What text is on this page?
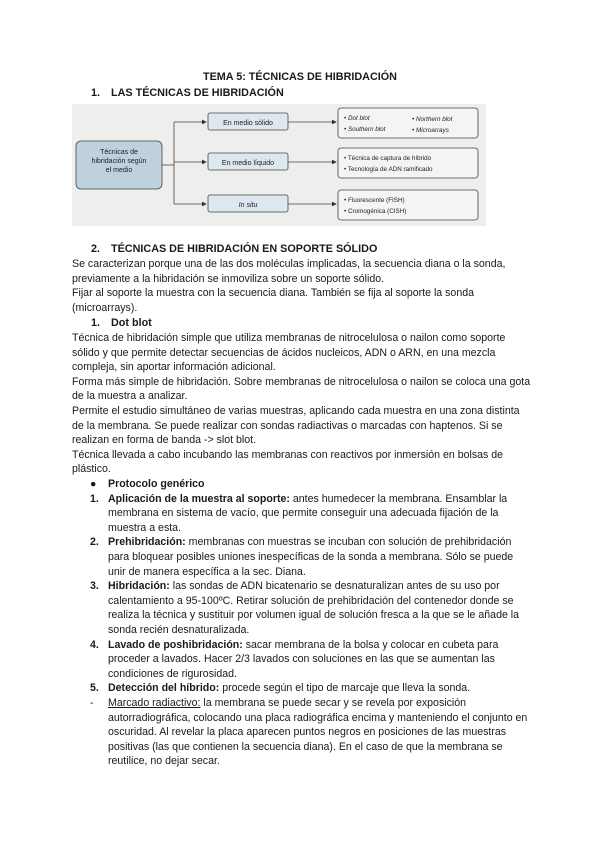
TEMA 5: TÉCNICAS DE HIBRIDACIÓN
1. LAS TÉCNICAS DE HIBRIDACIÓN
Técnicas de
hibridación según
el medio
En medio sólido
En medio líquido
In situ
• Dot blot
• Southern blot
• Northern blot
• Microarrays
• Técnica de captura de híbrido
• Tecnología de ADN ramificado
• Fluorescente (FISH)
• Cromogénica (CISH)
2. TÉCNICAS DE HIBRIDACIÓN EN SOPORTE SÓLIDO

Se caracterizan porque una de las dos moléculas implicadas, la secuencia diana o la sonda, previamente a la hibridación se inmoviliza sobre un soporte sólido.

Fijar al soporte la muestra con la secuencia diana. También se fija al soporte la sonda (microarrays).

1. Dot blot

Técnica de hibridación simple que utiliza membranas de nitrocelulosa o nailon como soporte sólido y que permite detectar secuencias de ácidos nucleicos, ADN o ARN, en una mezcla compleja, sin aportar información adicional.

Forma más simple de hibridación. Sobre membranas de nitrocelulosa o nailon se coloca una gota de la muestra a analizar.

Permite el estudio simultáneo de varias muestras, aplicando cada muestra en una zona distinta de la membrana. Se puede realizar con sondas radiactivas o marcadas con haptenos. Si se realizan en forma de banda -> slot blot.

Técnica llevada a cabo incubando las membranas con reactivos por inmersión en bolsas de plástico.

● Protocolo genérico
1. Aplicación de la muestra al soporte: antes humedecer la membrana. Ensamblar la membrana en sistema de vacío, que permite conseguir una adecuada fijación de la muestra a esta.
2. Prehibridación: membranas con muestras se incuban con solución de prehibridación para bloquear posibles uniones inespecíficas de la sonda a membrana. Sólo se puede unir de manera específica a la sec. Diana.
3. Hibridación: las sondas de ADN bicatenario se desnaturalizan antes de su uso por calentamiento a 95-100ºC. Retirar solución de prehibridación del contenedor donde se realiza la técnica y sustituir por volumen igual de solución fresca a la que se le añade la sonda recién desnaturalizada.
4. Lavado de poshibridación: sacar membrana de la bolsa y colocar en cubeta para proceder a lavados. Hacer 2/3 lavados con soluciones en las que se aumentan las condiciones de rigurosidad.
5. Detección del híbrido: procede según el tipo de marcaje que lleva la sonda.
- Marcado radiactivo: la membrana se puede secar y se revela por exposición autorradiográfica, colocando una placa radiográfica encima y manteniendo el conjunto en oscuridad. Al revelar la placa aparecen puntos negros en posiciones de las muestras positivas (las que contienen la secuencia diana). En el caso de que la membrana se reutilice, no dejar secar.
